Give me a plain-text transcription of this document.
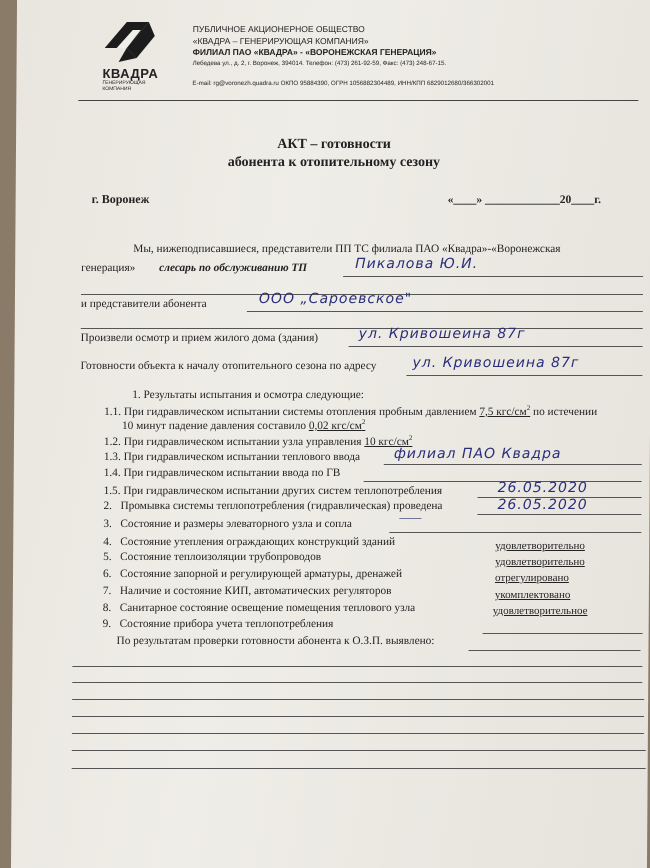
КВАДРА
ГЕНЕРИРУЮЩАЯ КОМПАНИЯ
ПУБЛИЧНОЕ АКЦИОНЕРНОЕ ОБЩЕСТВО
«КВАДРА – ГЕНЕРИРУЮЩАЯ КОМПАНИЯ»
ФИЛИАЛ ПАО «КВАДРА» - «ВОРОНЕЖСКАЯ ГЕНЕРАЦИЯ»
Лебедева ул., д. 2, г. Воронеж, 394014. Телефон: (473) 261-92-59, Факс: (473) 248-67-15.
E-mail: rg@voronezh.quadra.ru ОКПО 95884390, ОГРН 1056882304489, ИНН/КПП 6829012680/366302001
АКТ – готовности
абонента к отопительному сезону
г. Воронеж	«____» _____________20____г.
Мы, нижеподписавшиеся, представители ПП ТС филиала ПАО «Квадра»-«Воронежская
генерация» слесарь по обслуживанию ТП	Пикалова Ю.И.
и представители абонента	ООО „Сароевское"
Произвели осмотр и прием жилого дома (здания)	ул. Кривошеина 87г
Готовности объекта к началу отопительного сезона по адресу	ул. Кривошеина 87г
1. Результаты испытания и осмотра следующие:
1.1. При гидравлическом испытании системы отопления пробным давлением 7,5 кгс/$см^2$ по истечении
10 минут падение давления составило 0,02 кгс/$см^2$
1.2. При гидравлическом испытании узла управления 10 кгс/$см^2$
1.3. При гидравлическом испытании теплового ввода филиал ПАО Квадра
1.4. При гидравлическом испытании ввода по ГВ
1.5. При гидравлическом испытании других систем теплопотребления	26.05.2020
2. Промывка системы теплопотребления (гидравлическая) проведена	26.05.2020
3. Состояние и размеры элеваторного узла и сопла	——
4. Состояние утепления ограждающих конструкций зданий	удовлетворительно
5. Состояние теплоизоляции трубопроводов	удовлетворительно
6. Состояние запорной и регулирующей арматуры, дренажей	отрегулировано
7. Наличие и состояние КИП, автоматических регуляторов	укомплектовано
8. Санитарное состояние освещение помещения теплового узла	удовлетворительное
9. Состояние прибора учета теплопотребления
По результатам проверки готовности абонента к О.З.П. выявлено:
